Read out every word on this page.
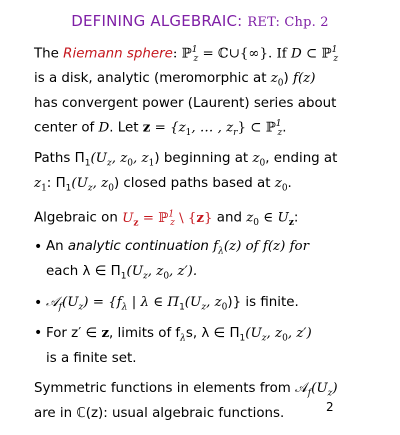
DEFINING ALGEBRAIC: RET: Chp. 2
The Riemann sphere: ℙ$^1_z$ = ℂ∪{∞}. If D ⊂ ℙ$^1_z$
is a disk, analytic (meromorphic at $z_0$) f(z)
has convergent power (Laurent) series about
center of D. Let $z = \{z_1$, … , $z_r$} ⊂ ℙ$^1_z$.
Paths $\Pi_1(U_z$, $z_0$, $z_1$) beginning at $z_0$, ending at
$z_1$: $\Pi_1(U_z$, $z_0$) closed paths based at $z_0$.
Algebraic on $U_z$ = ℙ$^1_z$ \ {z} and $z_0$ ∈ $U_z$:
• An analytic continuation $f_\lambda(z)$ of f(z) for
each λ ∈ $\Pi_1(U_z$, $z_0$, z′).
• $𝒜_f(U_z) = \{f_\lambda$ | λ ∈ $\Pi_1(U_z$, $z_0$)} is finite.
• For z′ ∈ z, limits of $f_\lambda s$, λ ∈ $\Pi_1(U_z$, $z_0$, z′)
is a finite set.
Symmetric functions in elements from $𝒜_f(U_z)$
are in ℂ(z): usual algebraic functions.	2
